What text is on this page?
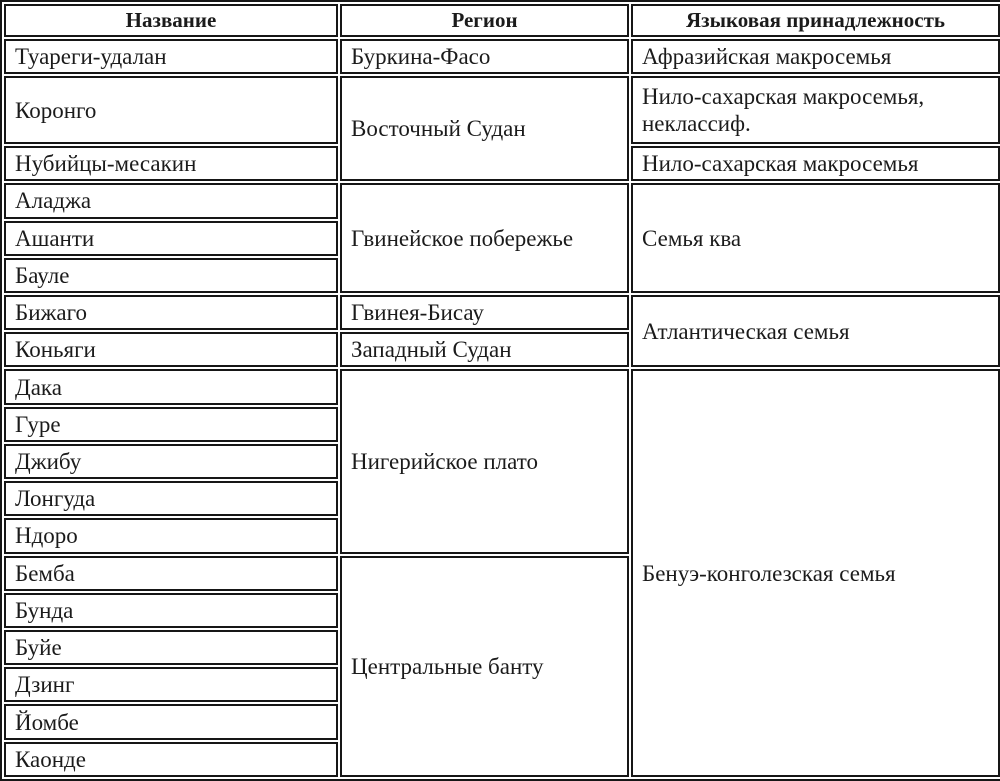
Название	Регион	Языковая принадлежность
Туареги-удалан	Буркина-Фасо	Афразийская макросемья
Коронго	Восточный Судан	Нило-сахарская макросемья, неклассиф.
Нубийцы-месакин		Нило-сахарская макросемья
Аладжа	Гвинейское побережье	Семья ква
Ашанти		
Бауле		
Бижаго	Гвинея-Бисау	Атлантическая семья
Коньяги	Западный Судан	
Дака	Нигерийское плато	Бенуэ-конголезская семья
Гуре		
Джибу		
Лонгуда		
Ндоро		
Бемба	Центральные банту	
Бунда		
Буйе		
Дзинг		
Йомбе		
Каонде		
